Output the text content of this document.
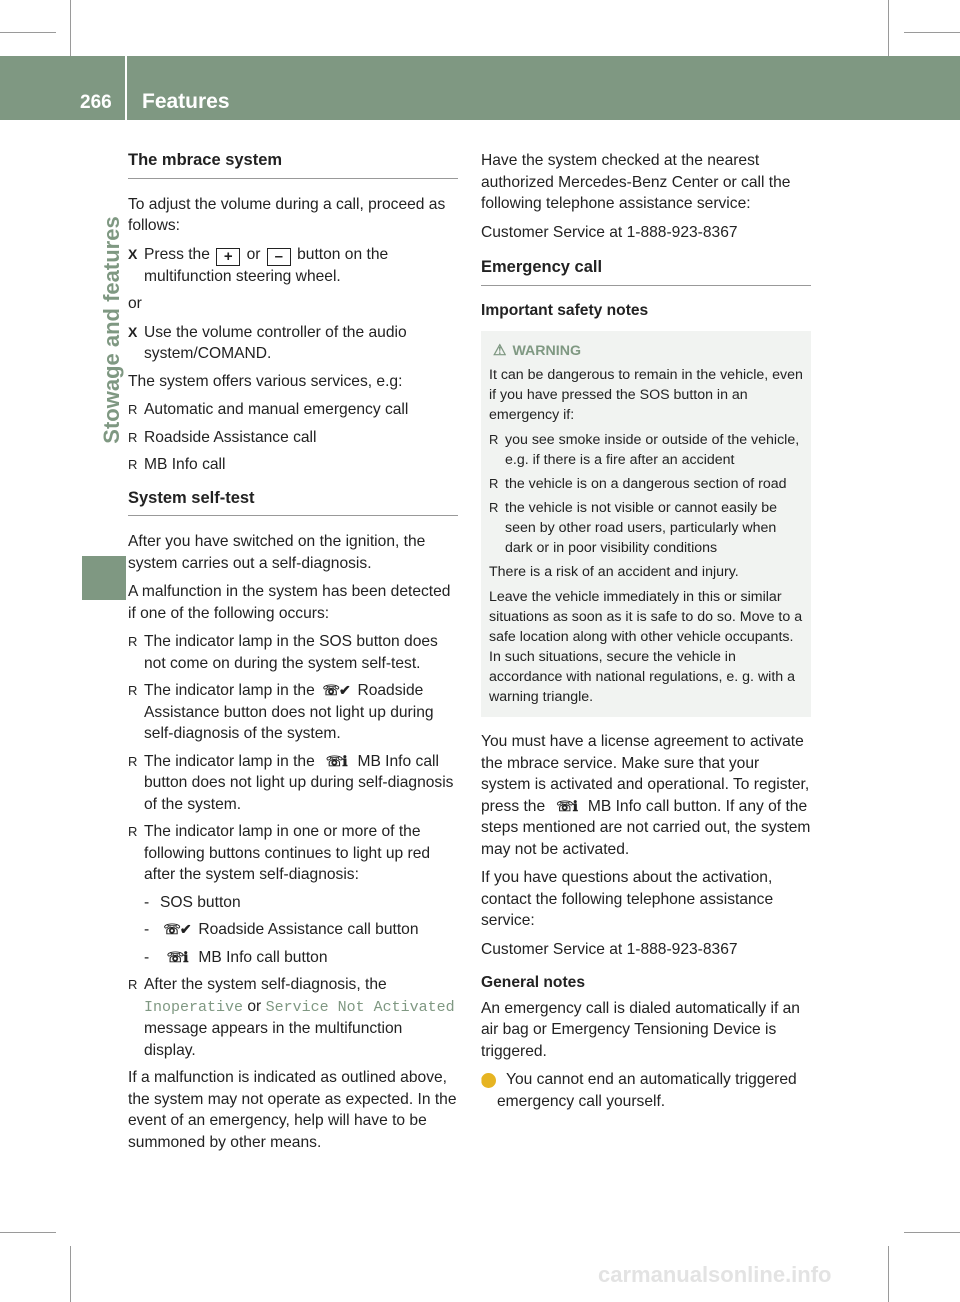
266 Features
Stowage and features
The mbrace system

To adjust the volume during a call, proceed as follows:

X Press the + or – button on the multifunction steering wheel.

or

X Use the volume controller of the audio system/COMAND.

The system offers various services, e.g:

R Automatic and manual emergency call
R Roadside Assistance call
R MB Info call
System self-test

After you have switched on the ignition, the system carries out a self-diagnosis.

A malfunction in the system has been detected if one of the following occurs:

R The indicator lamp in the SOS button does not come on during the system self-test.
R The indicator lamp in the ☏✔ Roadside Assistance button does not light up during self-diagnosis of the system.
R The indicator lamp in the ☏ℹ MB Info call button does not light up during self-diagnosis of the system.
R The indicator lamp in one or more of the following buttons continues to light up red after the system self-diagnosis:
- SOS button
- ☏✔ Roadside Assistance call button
- ☏ℹ MB Info call button
R After the system self-diagnosis, the Inoperative or Service Not Activated message appears in the multifunction display.

If a malfunction is indicated as outlined above, the system may not operate as expected. In the event of an emergency, help will have to be summoned by other means.

Have the system checked at the nearest authorized Mercedes-Benz Center or call the following telephone assistance service:

Customer Service at 1-888-923-8367

Emergency call
Important safety notes
⚠ WARNING

It can be dangerous to remain in the vehicle, even if you have pressed the SOS button in an emergency if:

R you see smoke inside or outside of the vehicle, e.g. if there is a fire after an accident
R the vehicle is on a dangerous section of road
R the vehicle is not visible or cannot easily be seen by other road users, particularly when dark or in poor visibility conditions

There is a risk of an accident and injury.

Leave the vehicle immediately in this or similar situations as soon as it is safe to do so. Move to a safe location along with other vehicle occupants. In such situations, secure the vehicle in accordance with national regulations, e. g. with a warning triangle.

You must have a license agreement to activate the mbrace service. Make sure that your system is activated and operational. To register, press the ☏ℹ MB Info call button. If any of the steps mentioned are not carried out, the system may not be activated.

If you have questions about the activation, contact the following telephone assistance service:

Customer Service at 1-888-923-8367

General notes

An emergency call is dialed automatically if an air bag or Emergency Tensioning Device is triggered.

i You cannot end an automatically triggered emergency call yourself.

carmanualsonline.info
